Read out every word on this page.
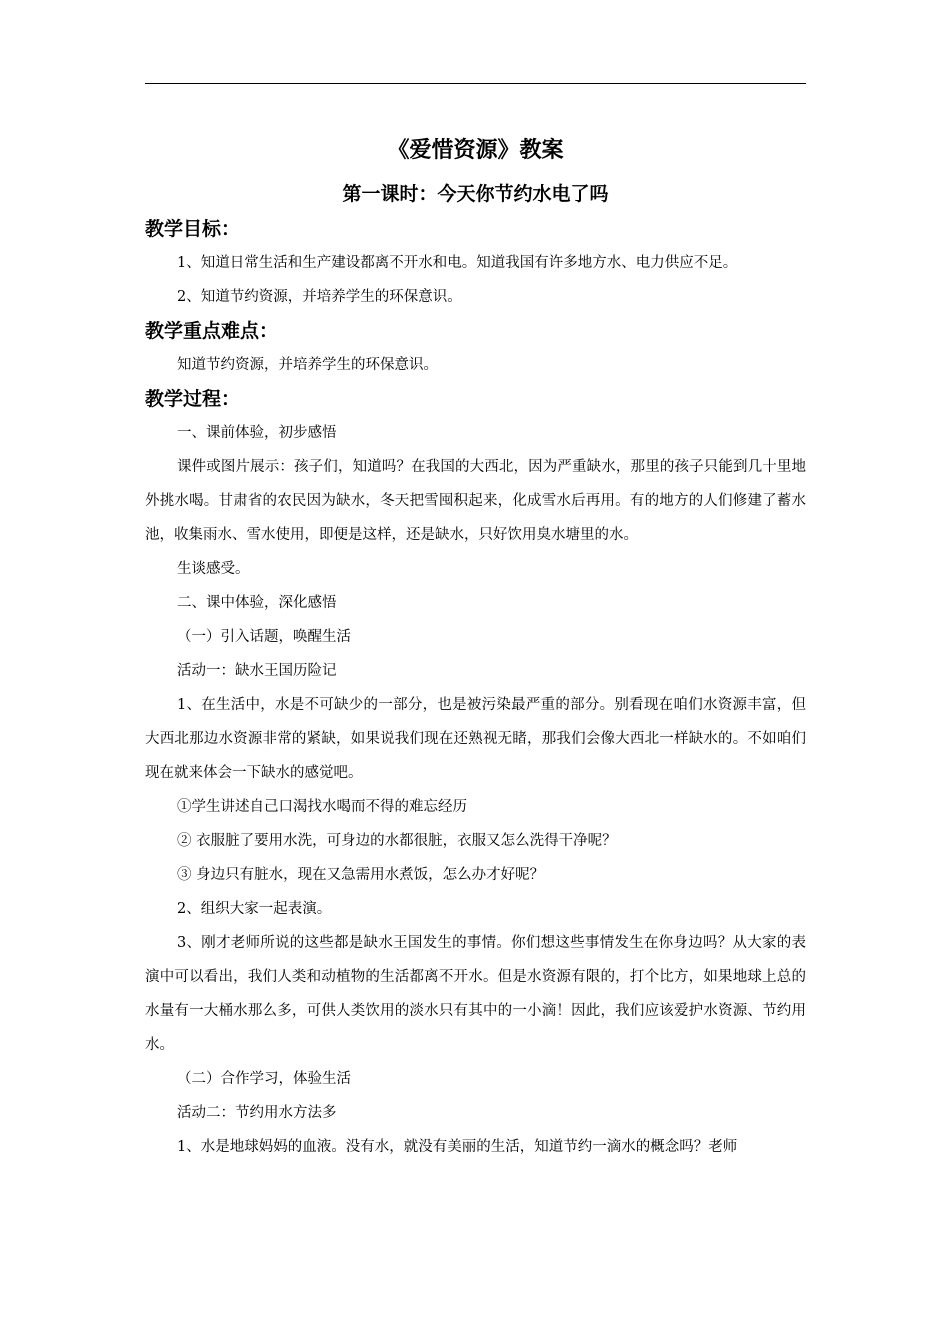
《爱惜资源》教案
第一课时：今天你节约水电了吗
教学目标：

1、知道日常生活和生产建设都离不开水和电。知道我国有许多地方水、电力供应不足。

2、知道节约资源，并培养学生的环保意识。

教学重点难点：

知道节约资源，并培养学生的环保意识。

教学过程：

一、课前体验，初步感悟

课件或图片展示：孩子们，知道吗？在我国的大西北，因为严重缺水，那里的孩子只能到几十里地外挑水喝。甘肃省的农民因为缺水，冬天把雪囤积起来，化成雪水后再用。有的地方的人们修建了蓄水池，收集雨水、雪水使用，即便是这样，还是缺水，只好饮用臭水塘里的水。

生谈感受。

二、课中体验，深化感悟

（一）引入话题，唤醒生活

活动一：缺水王国历险记

1、在生活中，水是不可缺少的一部分，也是被污染最严重的部分。别看现在咱们水资源丰富，但大西北那边水资源非常的紧缺，如果说我们现在还熟视无睹，那我们会像大西北一样缺水的。不如咱们现在就来体会一下缺水的感觉吧。

①学生讲述自己口渴找水喝而不得的难忘经历

② 衣服脏了要用水洗，可身边的水都很脏，衣服又怎么洗得干净呢？

③ 身边只有脏水，现在又急需用水煮饭，怎么办才好呢？

2、组织大家一起表演。

3、刚才老师所说的这些都是缺水王国发生的事情。你们想这些事情发生在你身边吗？从大家的表演中可以看出，我们人类和动植物的生活都离不开水。但是水资源有限的，打个比方，如果地球上总的水量有一大桶水那么多，可供人类饮用的淡水只有其中的一小滴！因此，我们应该爱护水资源、节约用水。

（二）合作学习，体验生活

活动二：节约用水方法多

1、水是地球妈妈的血液。没有水，就没有美丽的生活，知道节约一滴水的概念吗？老师
